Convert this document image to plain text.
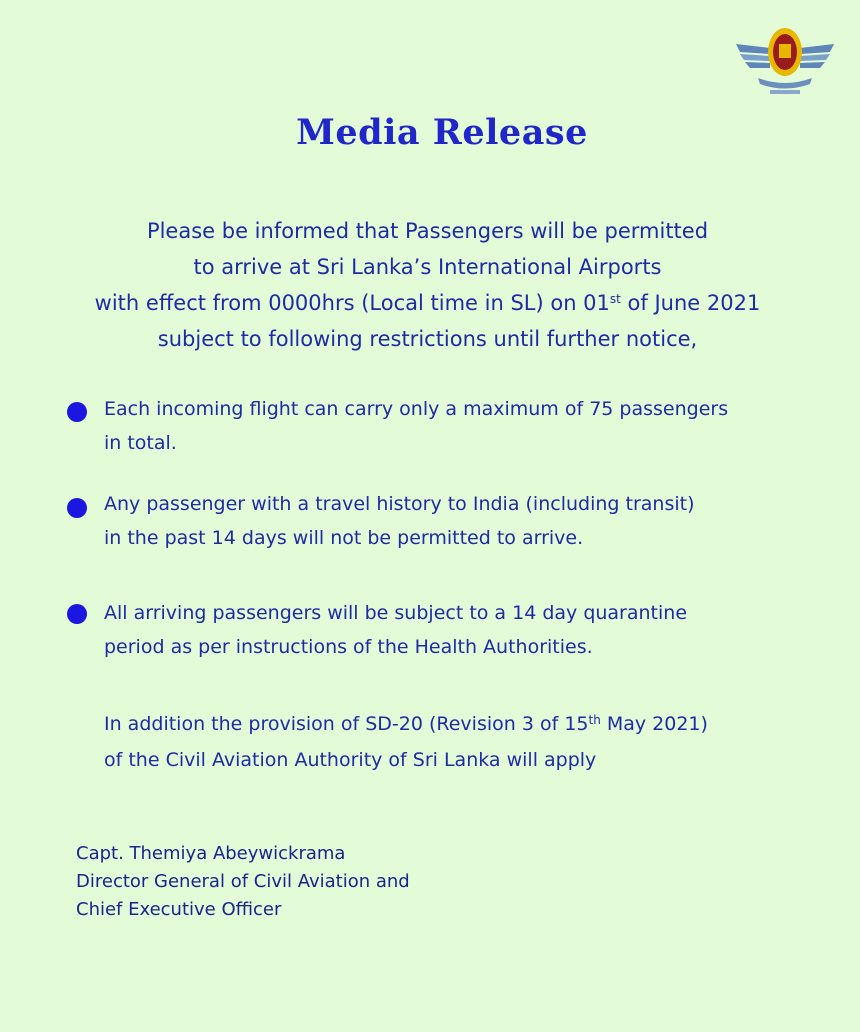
Media Release
Please be informed that Passengers will be permitted
to arrive at Sri Lanka’s International Airports
with effect from 0000hrs (Local time in SL) on 01st of June 2021
subject to following restrictions until further notice,
Each incoming flight can carry only a maximum of 75 passengers
in total.
Any passenger with a travel history to India (including transit)
in the past 14 days will not be permitted to arrive.
All arriving passengers will be subject to a 14 day quarantine
period as per instructions of the Health Authorities.
In addition the provision of SD-20 (Revision 3 of 15th May 2021)
of the Civil Aviation Authority of Sri Lanka will apply
Capt. Themiya Abeywickrama
Director General of Civil Aviation and
Chief Executive Officer
